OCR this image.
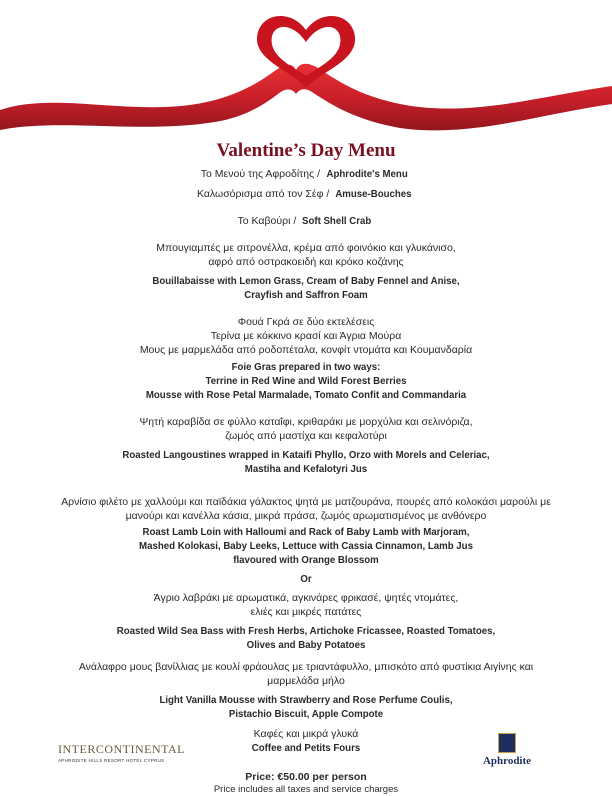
Valentine’s Day Menu
Το Μενού της Αφροδίτης / Aphrodite's Menu
Καλωσόρισμα από τον Σέφ / Amuse-Bouches
Το Καβούρι / Soft Shell Crab
Μπουγιαμπές με σιτρονέλλα, κρέμα από φοινόκιο και γλυκάνισο,
αφρό από οστρακοειδή και κρόκο κοζάνης
Bouillabaisse with Lemon Grass, Cream of Baby Fennel and Anise,
Crayfish and Saffron Foam
Φουά Γκρά σε δύο εκτελέσεις
Τερίνα με κόκκινο κρασί και Άγρια Μούρα
Μους με μαρμελάδα από ροδοπέταλα, κονφίτ ντομάτα και Κουμανδαρία
Foie Gras prepared in two ways:
Terrine in Red Wine and Wild Forest Berries
Mousse with Rose Petal Marmalade, Tomato Confit and Commandaria
Ψητή καραβίδα σε φύλλο καταΐφι, κριθαράκι με μορχύλια και σελινόριζα,
ζωμός από μαστίχα και κεφαλοτύρι
Roasted Langoustines wrapped in Kataifi Phyllo, Orzo with Morels and Celeriac,
Mastiha and Kefalotyri Jus
Αρνίσιο φιλέτο με χαλλούμι και παϊδάκια γάλακτος ψητά με ματζουράνα, πουρές από κολοκάσι μαρούλι με
μανούρι και κανέλλα κάσια, μικρά πράσα, ζωμός αρωματισμένος με ανθόνερο
Roast Lamb Loin with Halloumi and Rack of Baby Lamb with Marjoram,
Mashed Kolokasi, Baby Leeks, Lettuce with Cassia Cinnamon, Lamb Jus
flavoured with Orange Blossom
Or
Άγριο λαβράκι με αρωματικά, αγκινάρες φρικασέ, ψητές ντομάτες,
ελιές και μικρές πατάτες
Roasted Wild Sea Bass with Fresh Herbs, Artichoke Fricassee, Roasted Tomatoes,
Olives and Baby Potatoes
Ανάλαφρο μους βανίλλιας με κουλί φράουλας με τριαντάφυλλο, μπισκότο από φυστίκια Αιγίνης και
μαρμελάδα μήλο
Light Vanilla Mousse with Strawberry and Rose Perfume Coulis,
Pistachio Biscuit, Apple Compote
Καφές και μικρά γλυκά
Coffee and Petits Fours
Price: €50.00 per person
Price includes all taxes and service charges
INTERCONTINENTAL
APHRODITE HILLS RESORT HOTEL CYPRUS	Aphrodite
